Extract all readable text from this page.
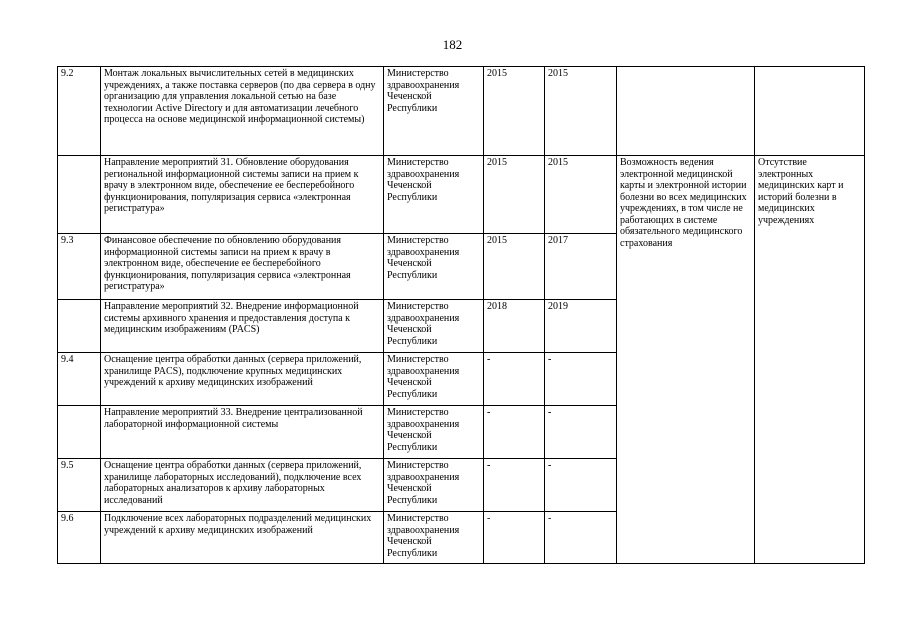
182
9.2	Монтаж локальных вычислительных сетей в медицинских учреждениях, а также поставка серверов (по два сервера в одну организацию для управления локальной сетью на базе технологии Active Directory и для автоматизации лечебного процесса на основе медицинской информационной системы)	Министерство здравоохранения Чеченской Республики	2015	2015		
	Направление мероприятий 31. Обновление оборудования региональной информационной системы записи на прием к врачу в электронном виде, обеспечение ее бесперебойного функционирования, популяризация сервиса «электронная регистратура»	Министерство здравоохранения Чеченской Республики	2015	2015	Возможность ведения электронной медицинской карты и электронной истории болезни во всех медицинских учреждениях, в том числе не работающих в системе обязательного медицинского страхования	Отсутствие электронных медицинских карт и историй болезни в медицинских учреждениях
9.3	Финансовое обеспечение по обновлению оборудования информационной системы записи на прием к врачу в электронном виде, обеспечение ее бесперебойного функционирования, популяризация сервиса «электронная регистратура»	Министерство здравоохранения Чеченской Республики	2015	2017		
	Направление мероприятий 32. Внедрение информационной системы архивного хранения и предоставления доступа к медицинским изображениям (PACS)	Министерство здравоохранения Чеченской Республики	2018	2019		
9.4	Оснащение центра обработки данных (сервера приложений, хранилище PACS), подключение крупных медицинских учреждений к архиву медицинских изображений	Министерство здравоохранения Чеченской Республики	-	-		
	Направление мероприятий 33. Внедрение централизованной лабораторной информационной системы	Министерство здравоохранения Чеченской Республики	-	-		
9.5	Оснащение центра обработки данных (сервера приложений, хранилище лабораторных исследований), подключение всех лабораторных анализаторов к архиву лабораторных исследований	Министерство здравоохранения Чеченской Республики	-	-		
9.6	Подключение всех лабораторных подразделений медицинских учреждений к архиву медицинских изображений	Министерство здравоохранения Чеченской Республики	-	-		
